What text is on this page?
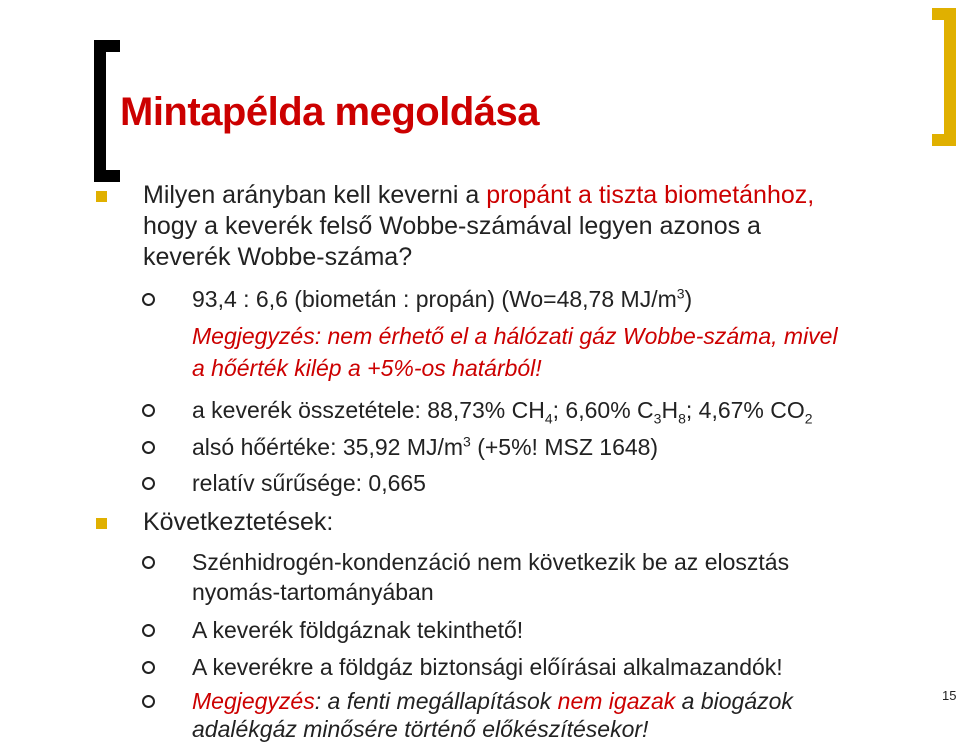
Mintapélda megoldása
Milyen arányban kell keverni a propánt a tiszta biometánhoz,
hogy a keverék felső Wobbe-számával legyen azonos a
keverék Wobbe-száma?
93,4 : 6,6 (biometán : propán) (Wo=48,78 $MJ/m^3$)
Megjegyzés: nem érhető el a hálózati gáz Wobbe-száma, mivel
a hőérték kilép a +5%-os határból!
a keverék összetétele: 88,73% $CH_4$; 6,60% $C_3H_8$; 4,67% $CO_2$
alsó hőértéke: 35,92 $MJ/m^3$ (+5%! MSZ 1648)
relatív sűrűsége: 0,665
Következtetések:
Szénhidrogén-kondenzáció nem következik be az elosztás
nyomás-tartományában
A keverék földgáznak tekinthető!
A keverékre a földgáz biztonsági előírásai alkalmazandók!
Megjegyzés: a fenti megállapítások nem igazak a biogázok
adalékgáz minősére történő előkészítésekor!
15
